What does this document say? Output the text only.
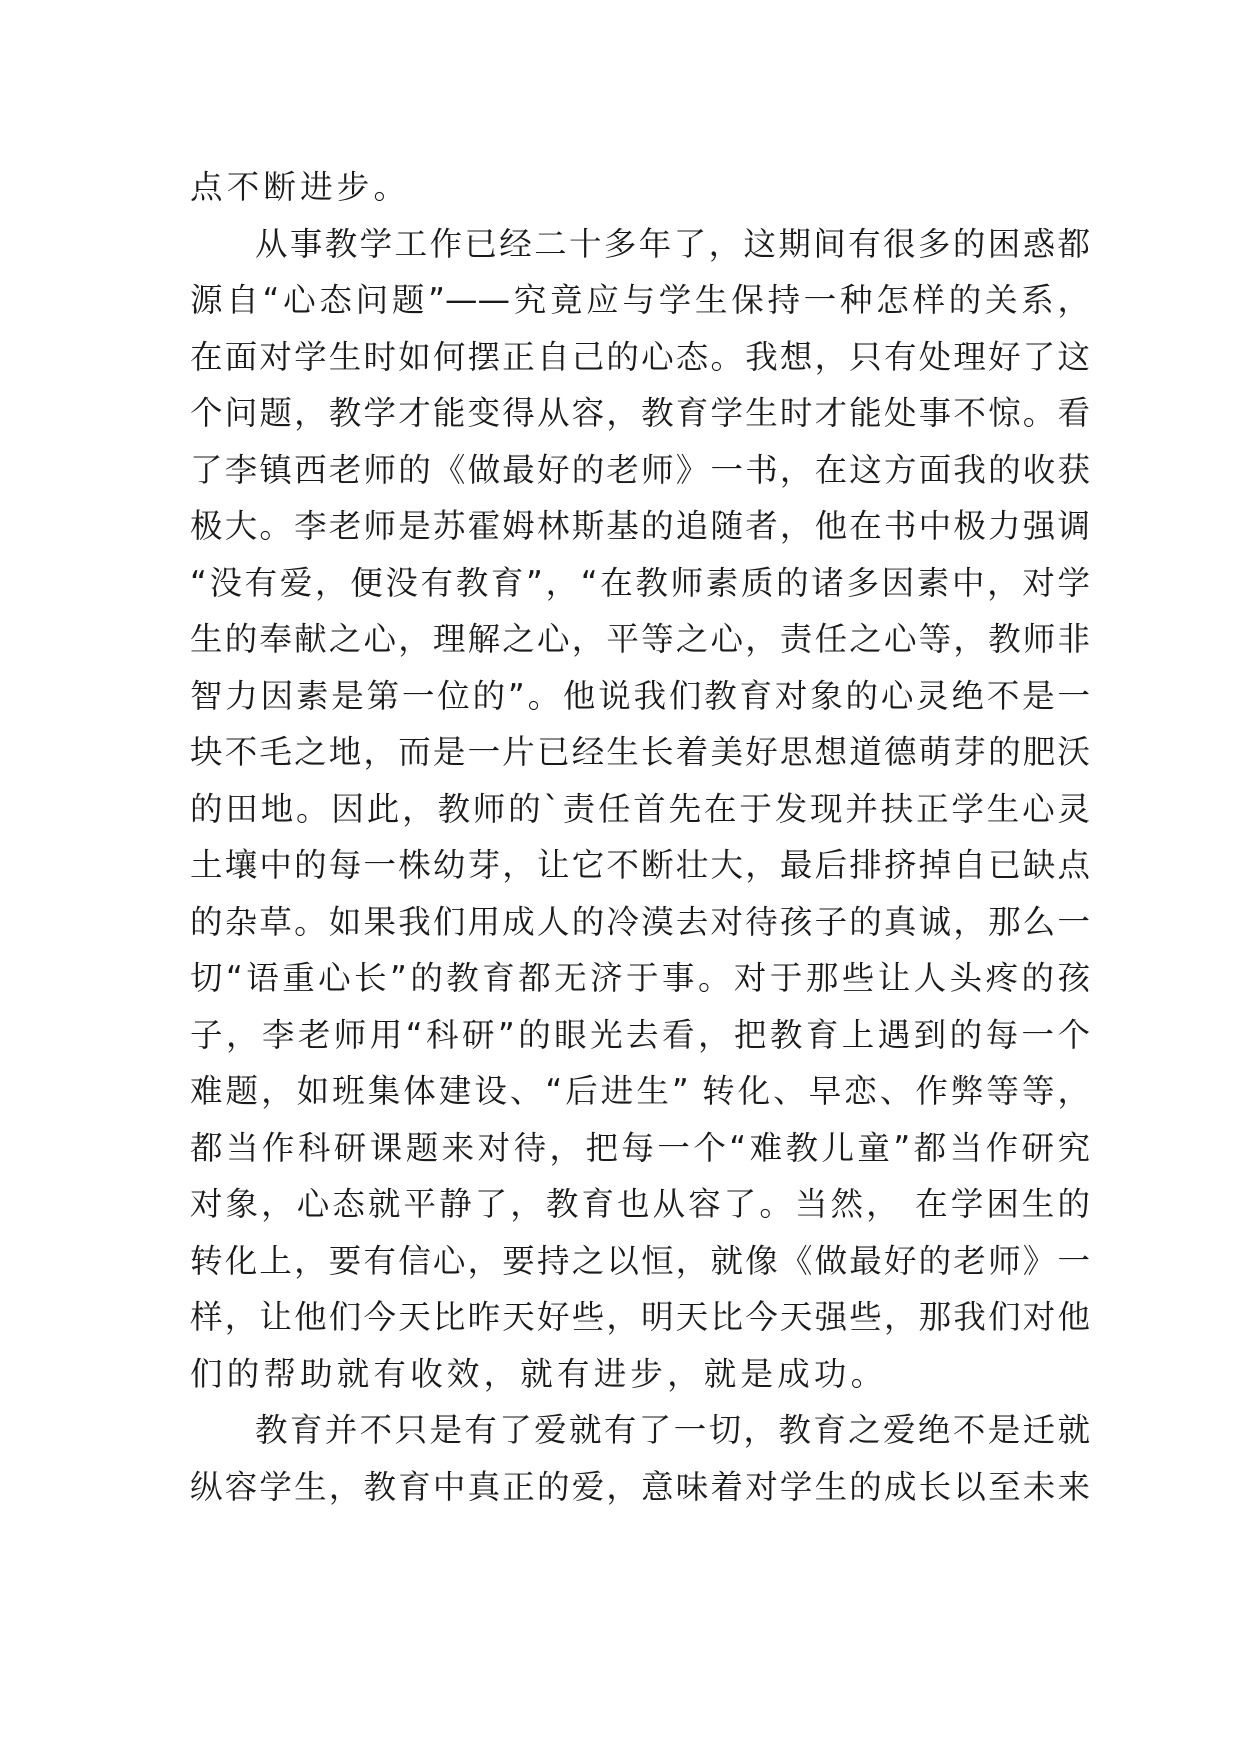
点不断进步。
从事教学工作已经二十多年了，这期间有很多的困惑都
源自“心态问题”——究竟应与学生保持一种怎样的关系，
在面对学生时如何摆正自己的心态。我想，只有处理好了这
个问题，教学才能变得从容，教育学生时才能处事不惊。看
了李镇西老师的《做最好的老师》一书，在这方面我的收获
极大。李老师是苏霍姆林斯基的追随者，他在书中极力强调
“没有爱，便没有教育”，“在教师素质的诸多因素中，对学
生的奉献之心，理解之心，平等之心，责任之心等，教师非
智力因素是第一位的”。他说我们教育对象的心灵绝不是一
块不毛之地，而是一片已经生长着美好思想道德萌芽的肥沃
的田地。因此，教师的`责任首先在于发现并扶正学生心灵
土壤中的每一株幼芽，让它不断壮大，最后排挤掉自已缺点
的杂草。如果我们用成人的冷漠去对待孩子的真诚，那么一
切“语重心长”的教育都无济于事。对于那些让人头疼的孩
子，李老师用“科研”的眼光去看，把教育上遇到的每一个
难题，如班集体建设、“后进生” 转化、早恋、作弊等等，
都当作科研课题来对待，把每一个“难教儿童”都当作研究
对象，心态就平静了，教育也从容了。当然， 在学困生的
转化上，要有信心，要持之以恒，就像《做最好的老师》一
样，让他们今天比昨天好些，明天比今天强些，那我们对他
们的帮助就有收效，就有进步，就是成功。
教育并不只是有了爱就有了一切，教育之爱绝不是迁就
纵容学生，教育中真正的爱，意味着对学生的成长以至未来
